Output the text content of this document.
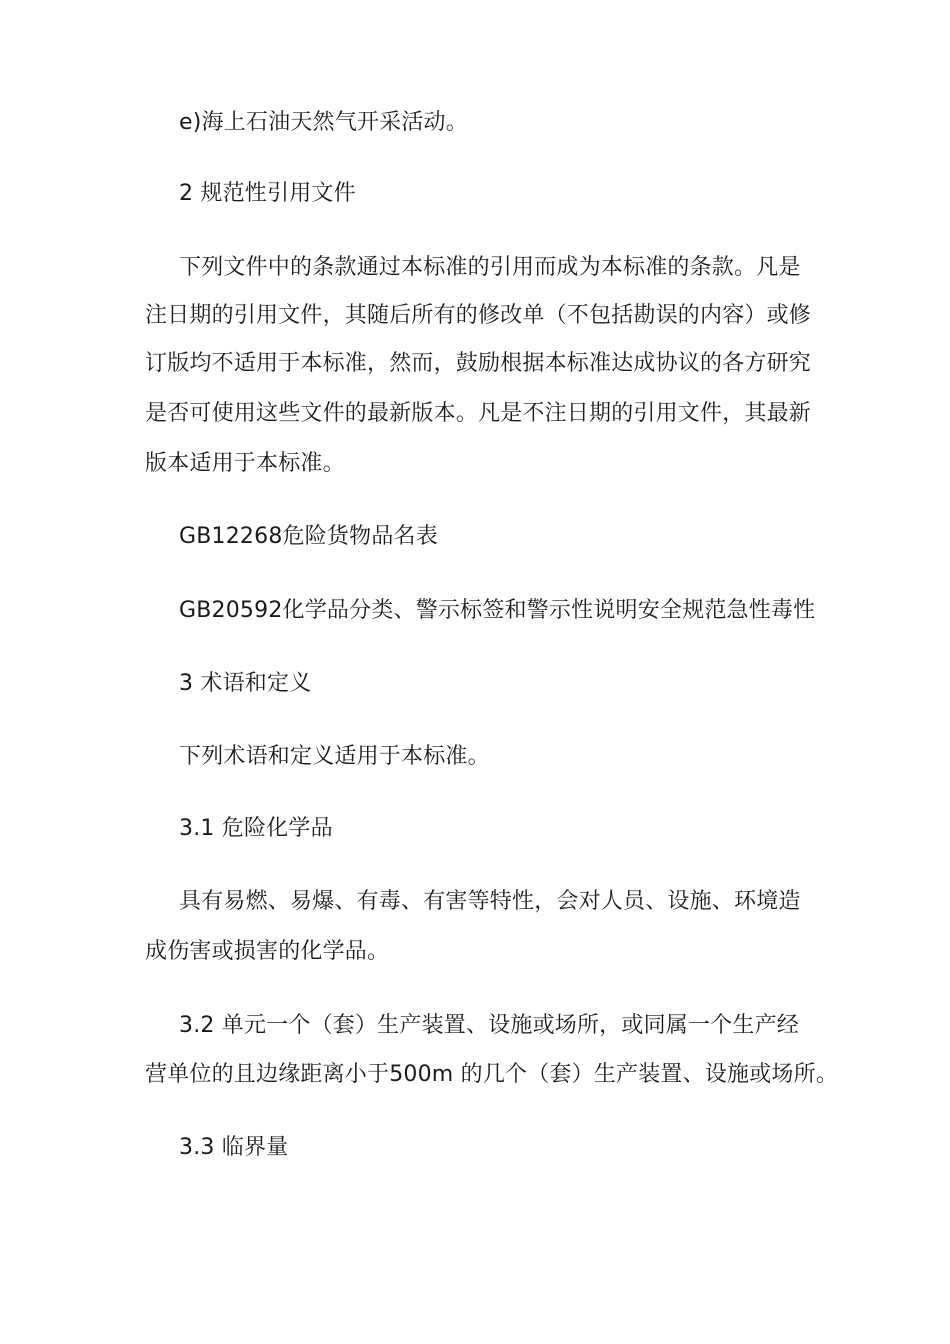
e)海上石油天然气开采活动。
2 规范性引用文件
下列文件中的条款通过本标准的引用而成为本标准的条款。凡是
注日期的引用文件，其随后所有的修改单（不包括勘误的内容）或修
订版均不适用于本标准，然而，鼓励根据本标准达成协议的各方研究
是否可使用这些文件的最新版本。凡是不注日期的引用文件，其最新
版本适用于本标准。
GB12268危险货物品名表
GB20592化学品分类、警示标签和警示性说明安全规范急性毒性
3 术语和定义
下列术语和定义适用于本标准。
3.1 危险化学品
具有易燃、易爆、有毒、有害等特性，会对人员、设施、环境造
成伤害或损害的化学品。
3.2 单元一个（套）生产装置、设施或场所，或同属一个生产经
营单位的且边缘距离小于500m 的几个（套）生产装置、设施或场所。
3.3 临界量
